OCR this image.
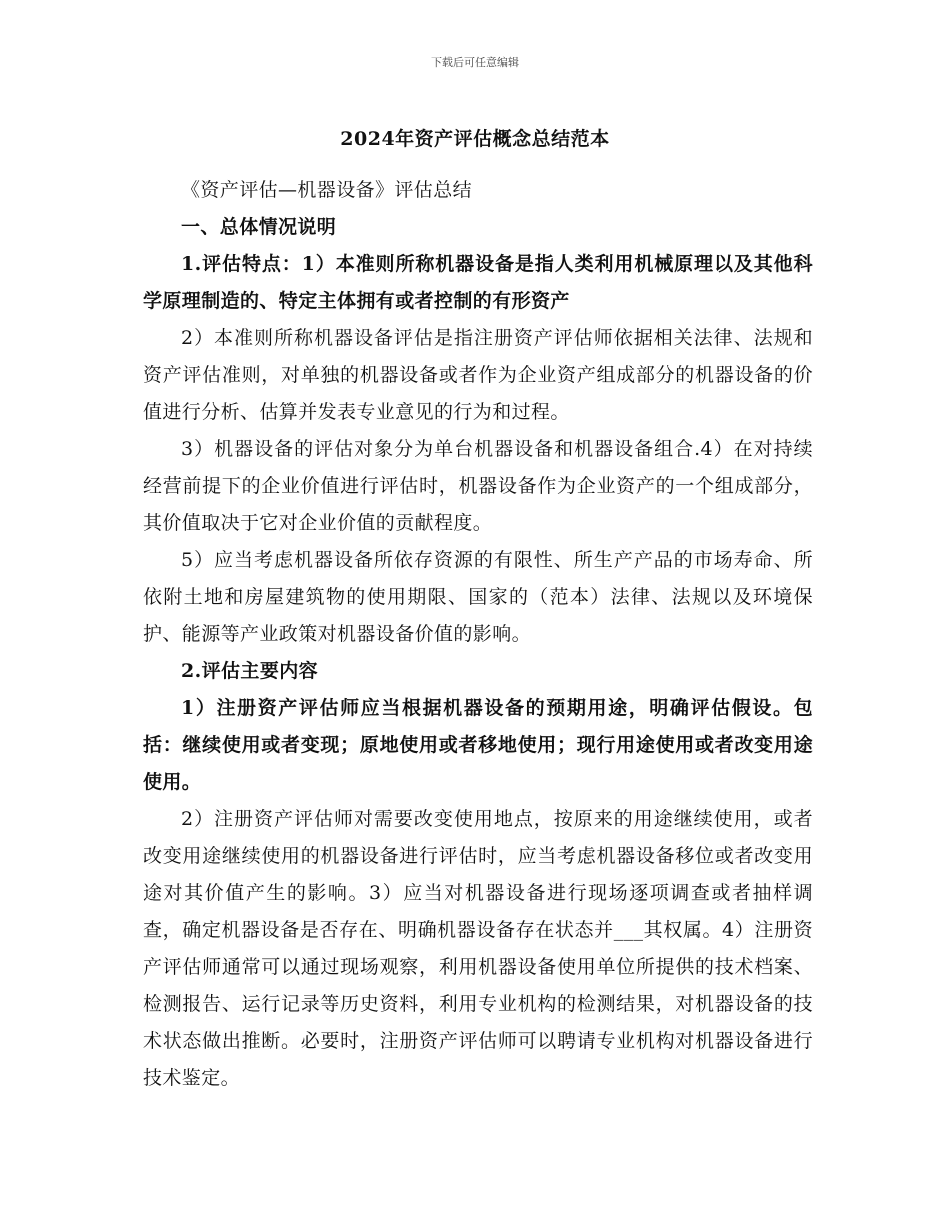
下载后可任意编辑
2024年资产评估概念总结范本

《资产评估—机器设备》评估总结

一、总体情况说明

1.评估特点：1）本准则所称机器设备是指人类利用机械原理以及其他科学原理制造的、特定主体拥有或者控制的有形资产

2）本准则所称机器设备评估是指注册资产评估师依据相关法律、法规和资产评估准则，对单独的机器设备或者作为企业资产组成部分的机器设备的价值进行分析、估算并发表专业意见的行为和过程。

3）机器设备的评估对象分为单台机器设备和机器设备组合.4）在对持续经营前提下的企业价值进行评估时，机器设备作为企业资产的一个组成部分，其价值取决于它对企业价值的贡献程度。

5）应当考虑机器设备所依存资源的有限性、所生产产品的市场寿命、所依附土地和房屋建筑物的使用期限、国家的（范本）法律、法规以及环境保护、能源等产业政策对机器设备价值的影响。

2.评估主要内容

1）注册资产评估师应当根据机器设备的预期用途，明确评估假设。包括：继续使用或者变现；原地使用或者移地使用；现行用途使用或者改变用途使用。

2）注册资产评估师对需要改变使用地点，按原来的用途继续使用，或者改变用途继续使用的机器设备进行评估时，应当考虑机器设备移位或者改变用途对其价值产生的影响。3）应当对机器设备进行现场逐项调查或者抽样调查，确定机器设备是否存在、明确机器设备存在状态并___其权属。4）注册资产评估师通常可以通过现场观察，利用机器设备使用单位所提供的技术档案、检测报告、运行记录等历史资料，利用专业机构的检测结果，对机器设备的技术状态做出推断。必要时，注册资产评估师可以聘请专业机构对机器设备进行技术鉴定。
